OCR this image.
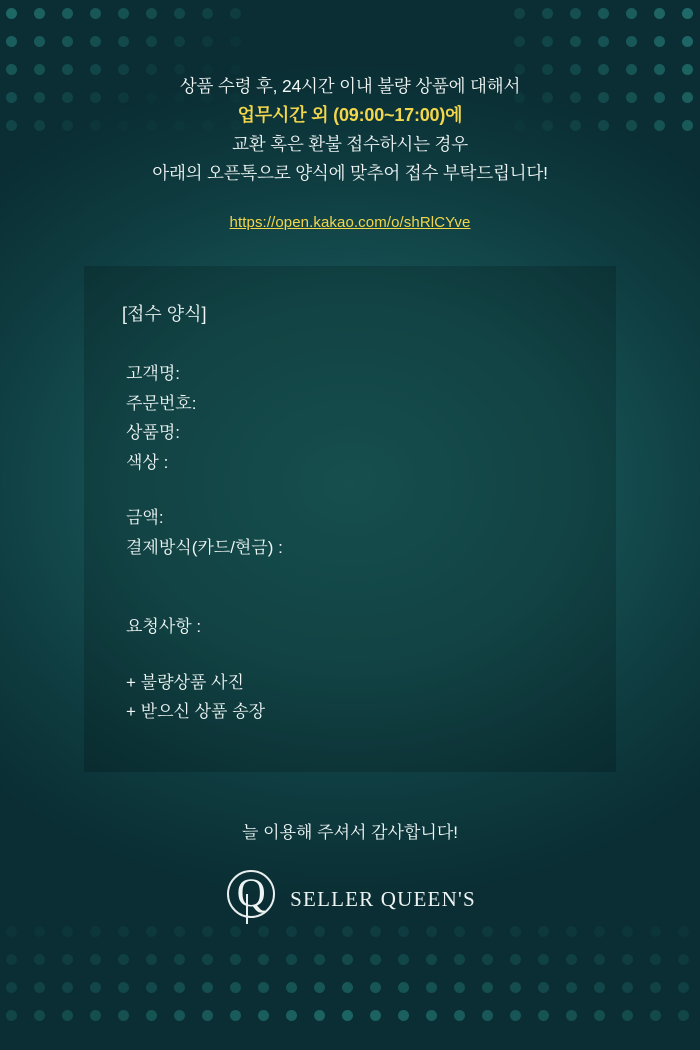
상품 수령 후, 24시간 이내 불량 상품에 대해서
업무시간 외 (09:00~17:00)에
교환 혹은 환불 접수하시는 경우
아래의 오픈톡으로 양식에 맞추어 접수 부탁드립니다!
https://open.kakao.com/o/shRlCYve
[접수 양식]
고객명:
주문번호:
상품명:
색상 :
금액:
결제방식(카드/현금) :
요청사항 :
+ 불량상품 사진
+ 받으신 상품 송장
늘 이용해 주셔서 감사합니다!
Q	SELLER QUEEN'S
